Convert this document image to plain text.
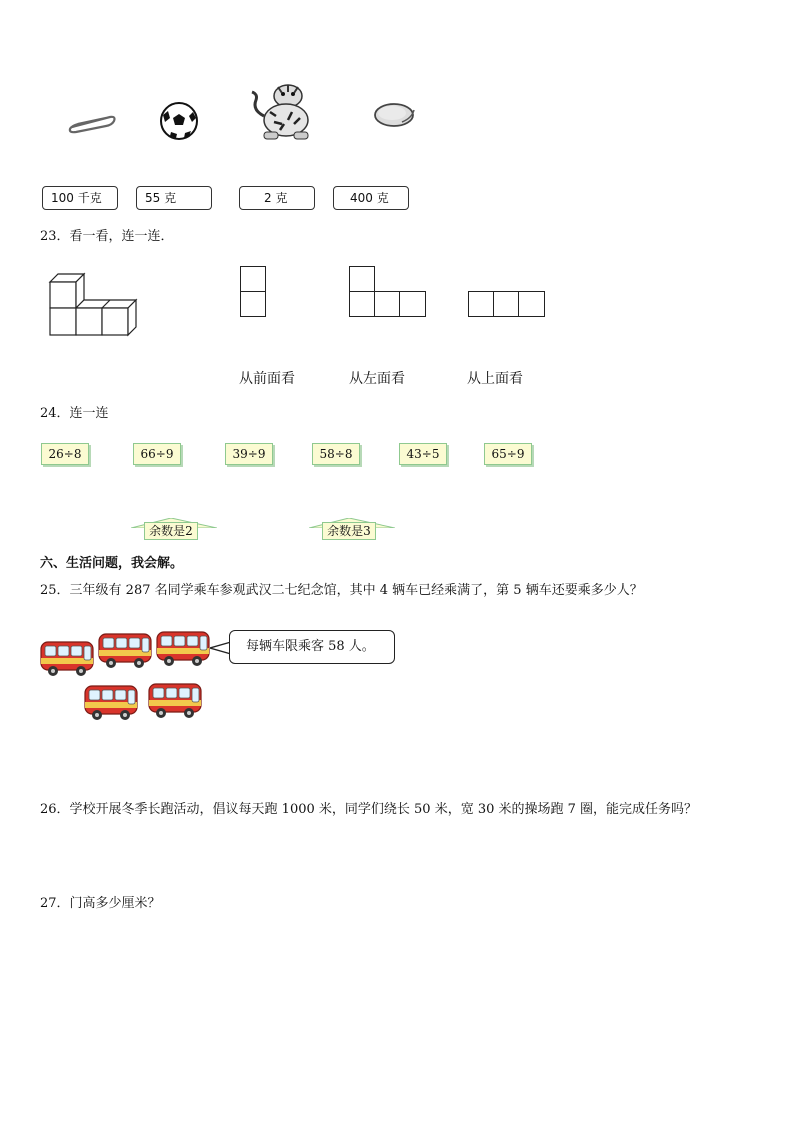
100 千克	55 克	2 克	400 克
23．看一看，连一连．
从前面看	从左面看	从上面看
24．连一连
26÷8	66÷9	39÷9	58÷8	43÷5	65÷9
余数是2	余数是3
六、生活问题，我会解。
25．三年级有 287 名同学乘车参观武汉二七纪念馆，其中 4 辆车已经乘满了，第 5 辆车还要乘多少人？
每辆车限乘客 58 人。
26．学校开展冬季长跑活动，倡议每天跑 1000 米，同学们绕长 50 米，宽 30 米的操场跑 7 圈，能完成任务吗？
27．门高多少厘米？
